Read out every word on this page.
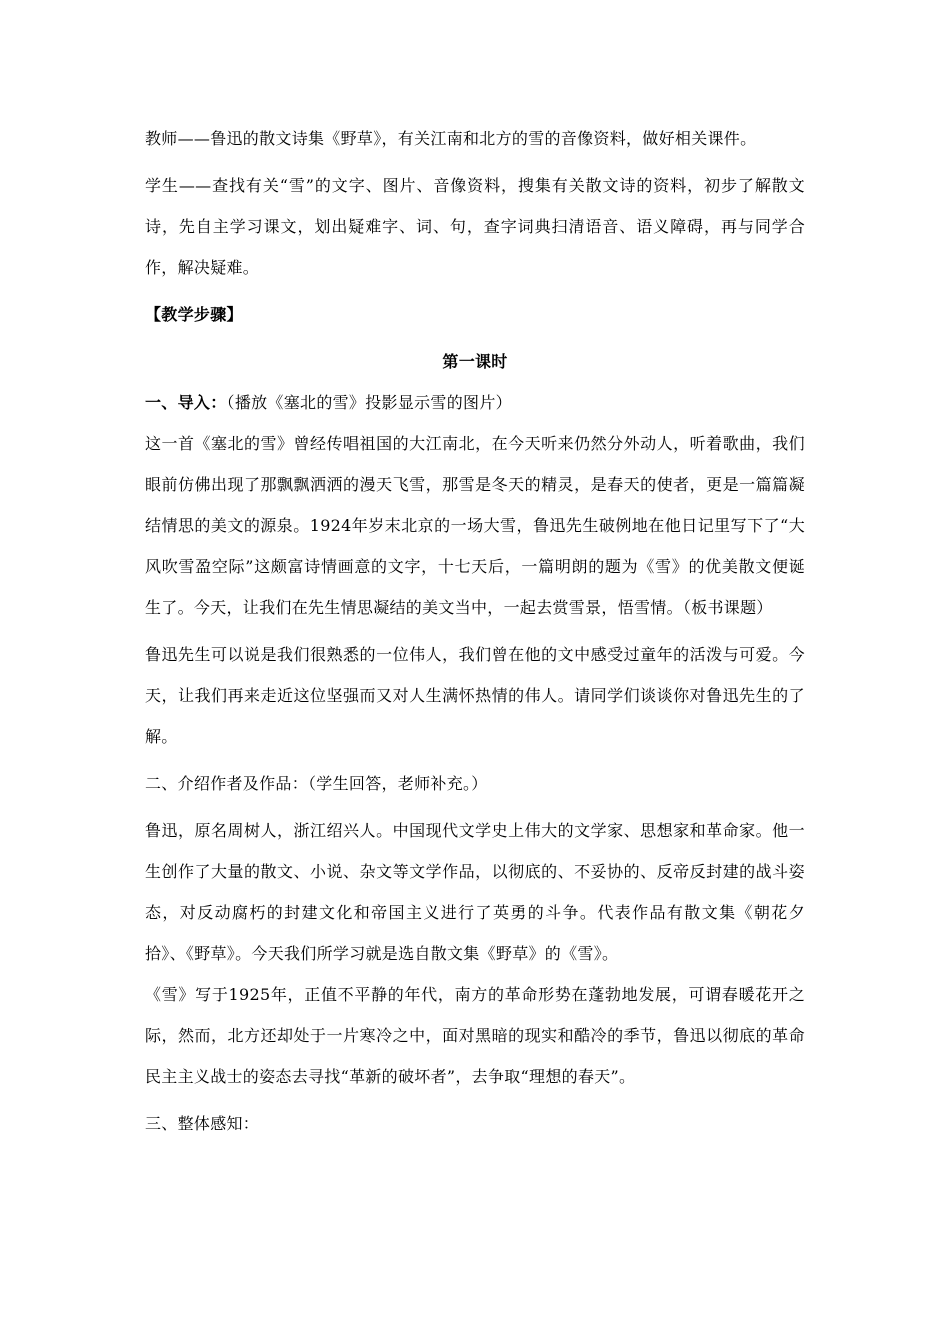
教师——鲁迅的散文诗集《野草》，有关江南和北方的雪的音像资料，做好相关课件。

学生——查找有关“雪”的文字、图片、音像资料，搜集有关散文诗的资料，初步了解散文诗，先自主学习课文，划出疑难字、词、句，查字词典扫清语音、语义障碍，再与同学合作，解决疑难。

【教学步骤】

第一课时

一、导入：（播放《塞北的雪》投影显示雪的图片）

这一首《塞北的雪》曾经传唱祖国的大江南北，在今天听来仍然分外动人，听着歌曲，我们眼前仿佛出现了那飘飘洒洒的漫天飞雪，那雪是冬天的精灵，是春天的使者，更是一篇篇凝结情思的美文的源泉。1924年岁末北京的一场大雪，鲁迅先生破例地在他日记里写下了“大风吹雪盈空际”这颇富诗情画意的文字，十七天后，一篇明朗的题为《雪》的优美散文便诞生了。今天，让我们在先生情思凝结的美文当中，一起去赏雪景，悟雪情。（板书课题）

鲁迅先生可以说是我们很熟悉的一位伟人，我们曾在他的文中感受过童年的活泼与可爱。今天，让我们再来走近这位坚强而又对人生满怀热情的伟人。请同学们谈谈你对鲁迅先生的了解。

二、介绍作者及作品：（学生回答，老师补充。）

鲁迅，原名周树人，浙江绍兴人。中国现代文学史上伟大的文学家、思想家和革命家。他一生创作了大量的散文、小说、杂文等文学作品，以彻底的、不妥协的、反帝反封建的战斗姿态，对反动腐朽的封建文化和帝国主义进行了英勇的斗争。代表作品有散文集《朝花夕拾》、《野草》。今天我们所学习就是选自散文集《野草》的《雪》。

《雪》写于1925年，正值不平静的年代，南方的革命形势在蓬勃地发展，可谓春暖花开之际，然而，北方还却处于一片寒冷之中，面对黑暗的现实和酷冷的季节，鲁迅以彻底的革命民主主义战士的姿态去寻找“革新的破坏者”，去争取“理想的春天”。

三、整体感知：
